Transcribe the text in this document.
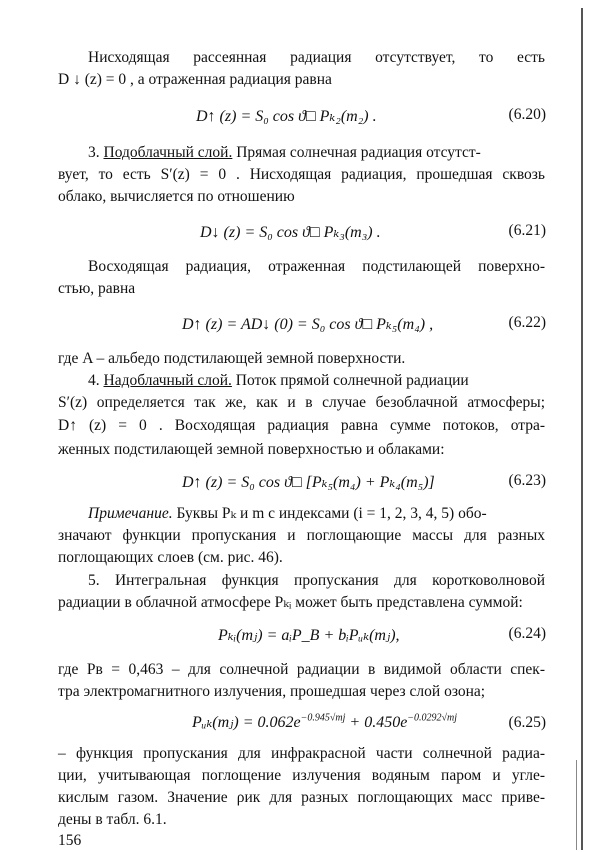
Нисходящая рассеянная радиация отсутствует, то есть
D ↓ (z) = 0 , а отраженная радиация равна
D↑ (z) = S₀ cos ϑ□ Pₖ₂(m₂) .	(6.20)
3. Подоблачный слой. Прямая солнечная радиация отсутст-
вует, то есть S′(z) = 0 . Нисходящая радиация, прошедшая сквозь
облако, вычисляется по отношению
D↓ (z) = S₀ cos ϑ□ Pₖ₃(m₃) .	(6.21)
Восходящая радиация, отраженная подстилающей поверхно-
стью, равна
D↑ (z) = AD↓ (0) = S₀ cos ϑ□ Pₖ₅(m₄) ,	(6.22)
где A – альбедо подстилающей земной поверхности.
4. Надоблачный слой. Поток прямой солнечной радиации
S′(z) определяется так же, как и в случае безоблачной атмосферы;
D↑ (z) = 0 . Восходящая радиация равна сумме потоков, отра-
женных подстилающей земной поверхностью и облаками:
D↑ (z) = S₀ cos ϑ□ [Pₖ₅(m₄) + Pₖ₄(m₅)]	(6.23)
Примечание. Буквы Pₖ и m с индексами (i = 1, 2, 3, 4, 5) обо-
значают функции пропускания и поглощающие массы для разных
поглощающих слоев (см. рис. 46).
5. Интегральная функция пропускания для коротковолновой
радиации в облачной атмосфере Pₖᵢ может быть представлена суммой:
Pₖᵢ(mⱼ) = aᵢP_B + bᵢPᵤₖ(mⱼ),	(6.24)
где Pв = 0,463 – для солнечной радиации в видимой области спек-
тра электромагнитного излучения, прошедшая через слой озона;
Pᵤₖ(mⱼ) = $0.062e^{-0.945√mj} + 0.450e^{-0.0292√mj}$	(6.25)
– функция пропускания для инфракрасной части солнечной радиа-
ции, учитывающая поглощение излучения водяным паром и угле-
кислым газом. Значение ρик для разных поглощающих масс приве-
дены в табл. 6.1.
156
